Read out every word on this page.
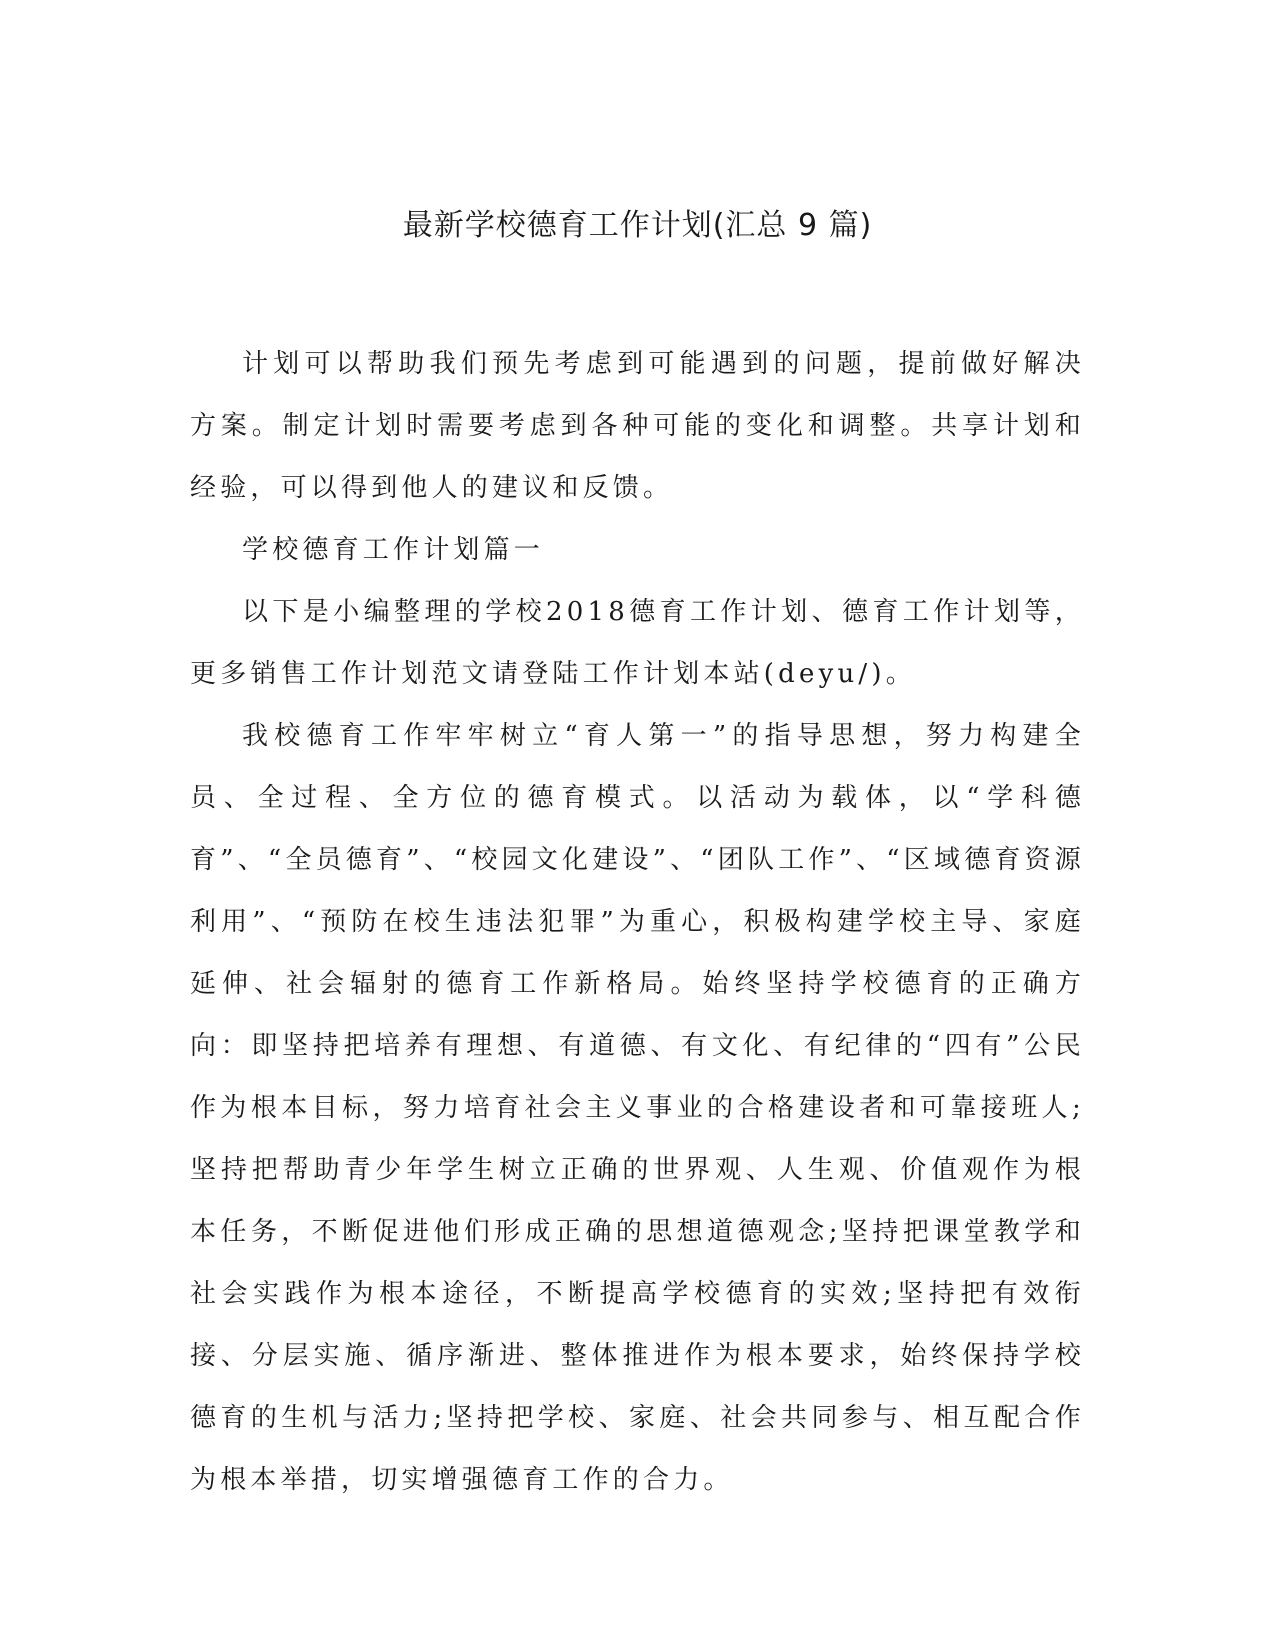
最新学校德育工作计划(汇总 9 篇)

计划可以帮助我们预先考虑到可能遇到的问题，提前做好解决方案。制定计划时需要考虑到各种可能的变化和调整。共享计划和经验，可以得到他人的建议和反馈。

学校德育工作计划篇一

以下是小编整理的学校2018德育工作计划、德育工作计划等，更多销售工作计划范文请登陆工作计划本站(deyu/)。

我校德育工作牢牢树立“育人第一”的指导思想，努力构建全员、全过程、全方位的德育模式。以活动为载体，以“学科德育”、“全员德育”、“校园文化建设”、“团队工作”、“区域德育资源利用”、“预防在校生违法犯罪”为重心，积极构建学校主导、家庭延伸、社会辐射的德育工作新格局。始终坚持学校德育的正确方向：即坚持把培养有理想、有道德、有文化、有纪律的“四有”公民作为根本目标，努力培育社会主义事业的合格建设者和可靠接班人;坚持把帮助青少年学生树立正确的世界观、人生观、价值观作为根本任务，不断促进他们形成正确的思想道德观念;坚持把课堂教学和社会实践作为根本途径，不断提高学校德育的实效;坚持把有效衔接、分层实施、循序渐进、整体推进作为根本要求，始终保持学校德育的生机与活力;坚持把学校、家庭、社会共同参与、相互配合作为根本举措，切实增强德育工作的合力。
